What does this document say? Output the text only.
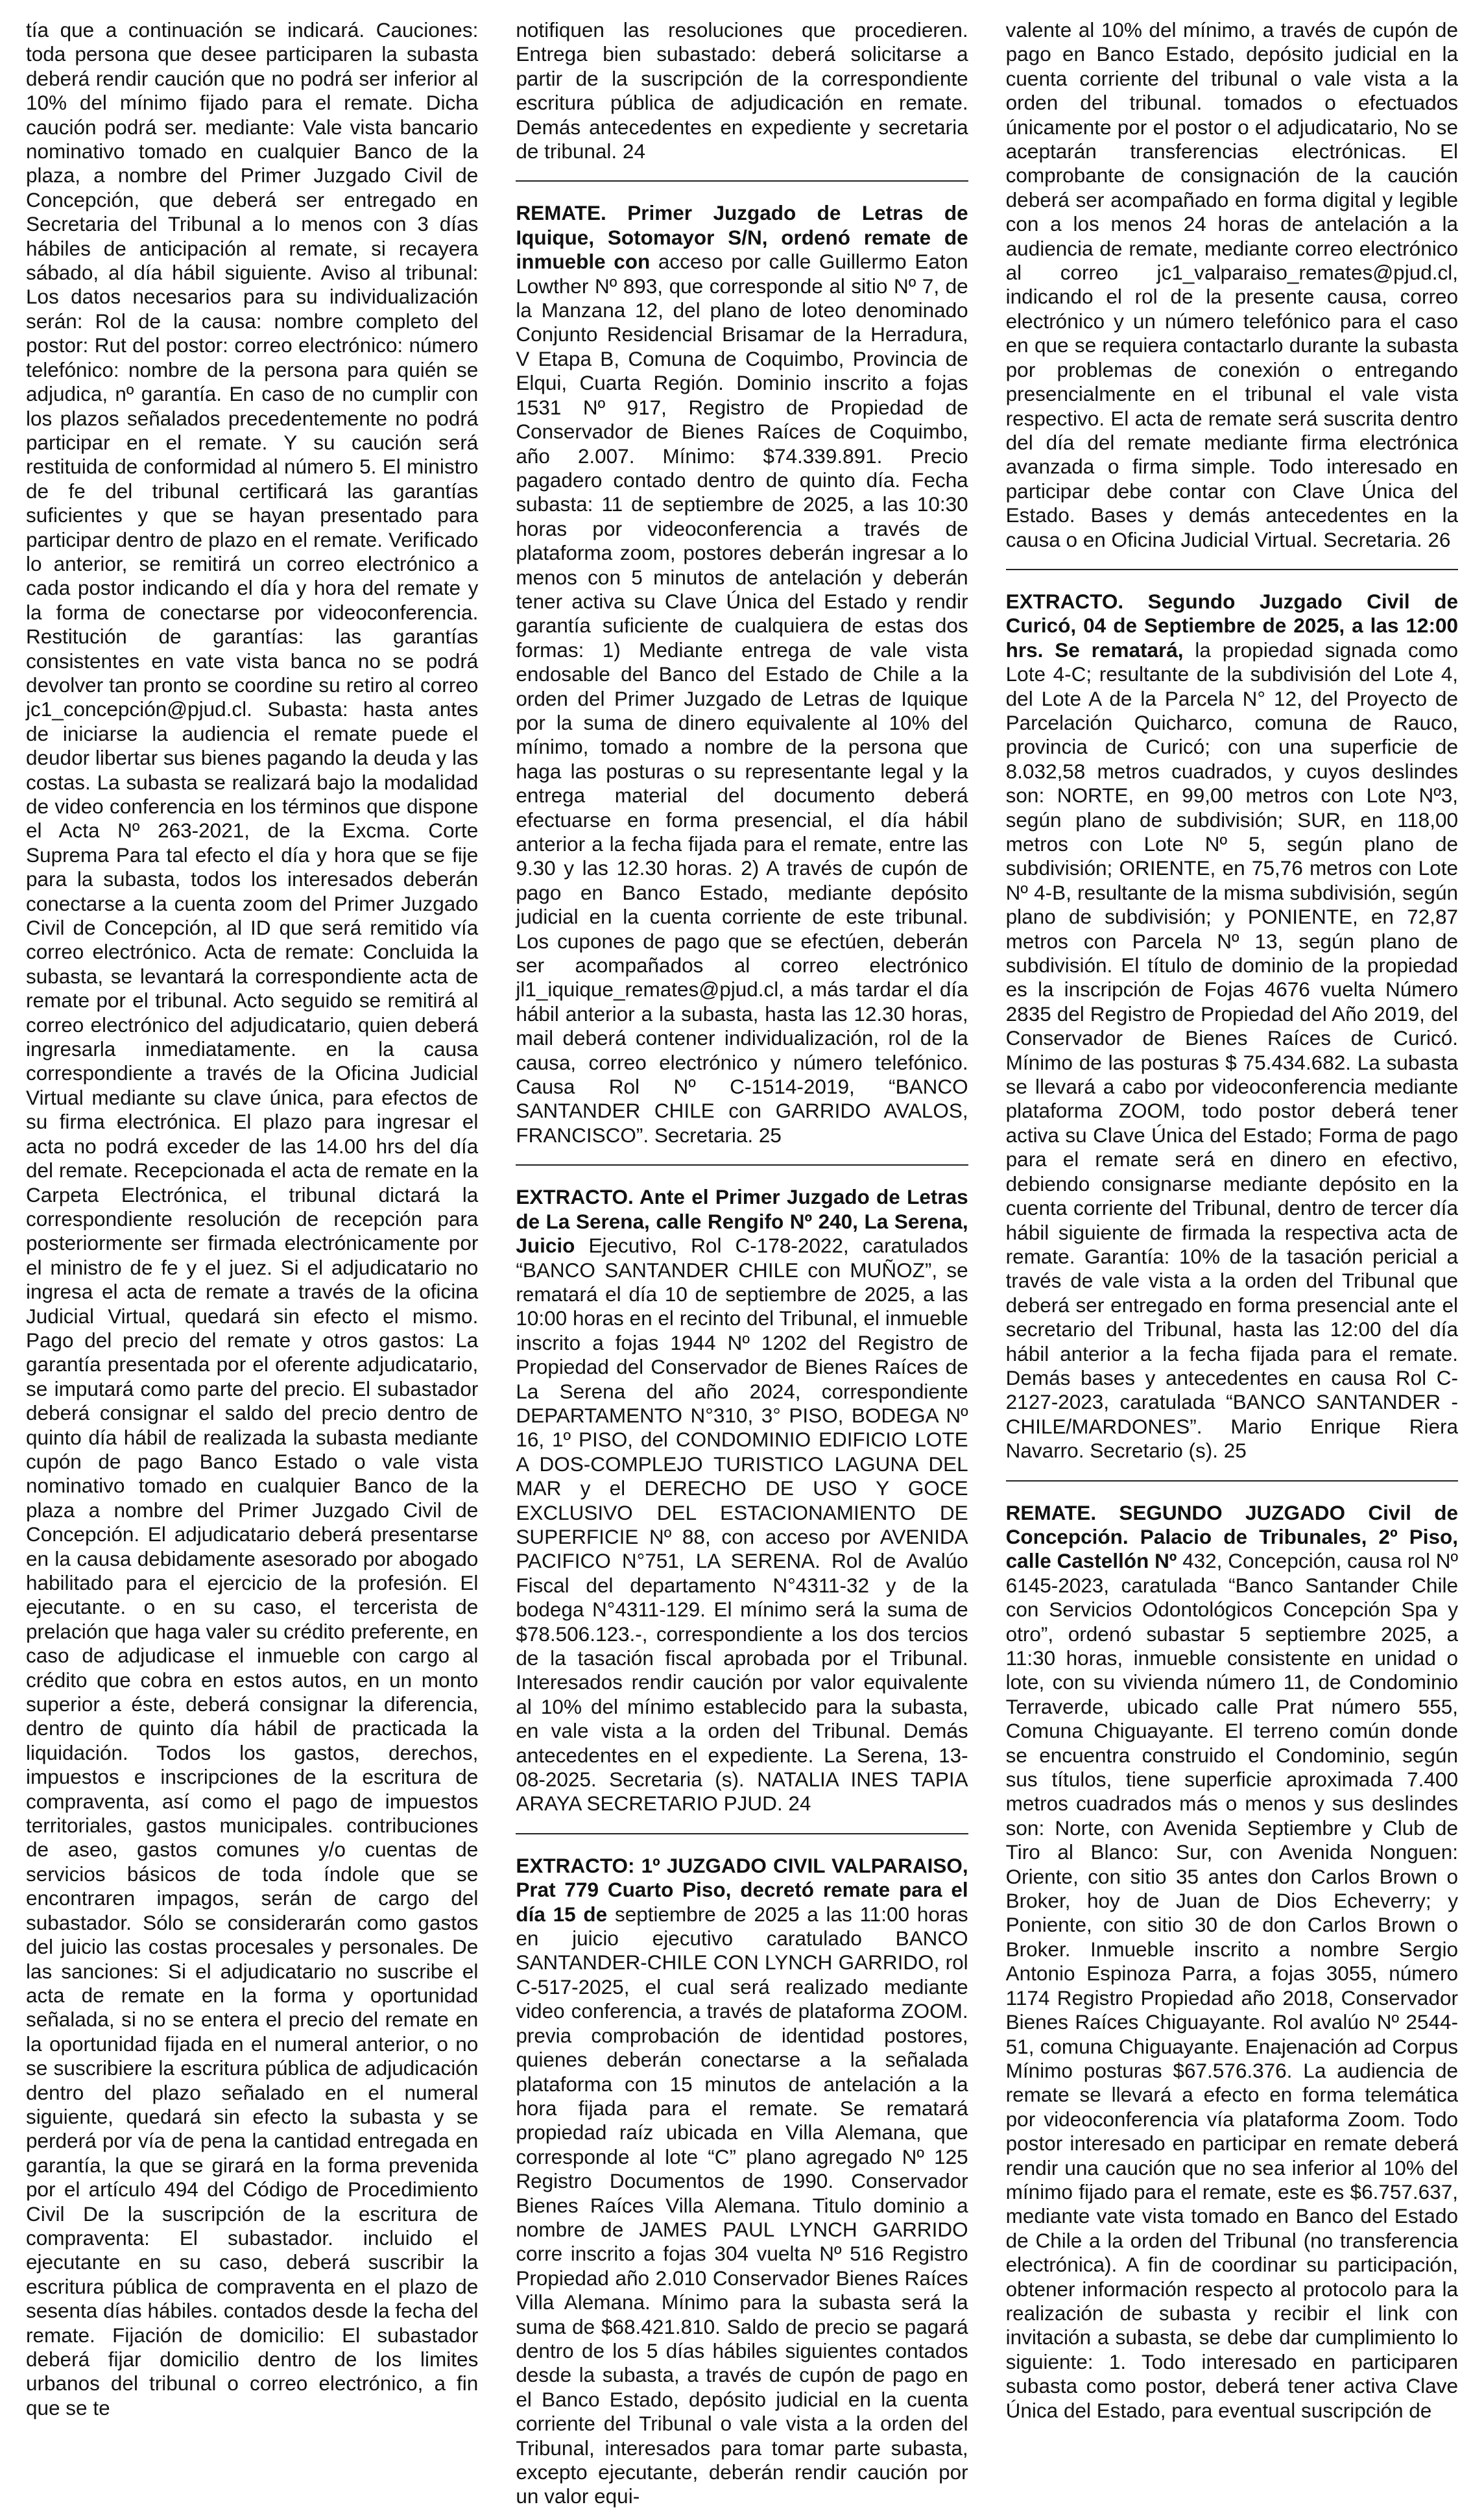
tía que a continuación se indicará. Cauciones: toda persona que desee participaren la subasta deberá rendir caución que no podrá ser inferior al 10% del mínimo fijado para el remate. Dicha caución podrá ser. mediante: Vale vista bancario nominativo tomado en cualquier Banco de la plaza, a nombre del Primer Juzgado Civil de Concepción, que deberá ser entregado en Secretaria del Tribunal a lo menos con 3 días hábiles de anticipación al remate, si recayera sábado, al día hábil siguiente. Aviso al tribunal: Los datos necesarios para su individualización serán: Rol de la causa: nombre completo del postor: Rut del postor: correo electrónico: número telefónico: nombre de la persona para quién se adjudica, nº garantía. En caso de no cumplir con los plazos señalados precedentemente no podrá participar en el remate. Y su caución será restituida de conformidad al número 5. El ministro de fe del tribunal certificará las garantías suficientes y que se hayan presentado para participar dentro de plazo en el remate. Verificado lo anterior, se remitirá un correo electrónico a cada postor indicando el día y hora del remate y la forma de conectarse por videoconferencia. Restitución de garantías: las garantías consistentes en vate vista banca no se podrá devolver tan pronto se coordine su retiro al correo jc1_concepción@pjud.cl. Subasta: hasta antes de iniciarse la audiencia el remate puede el deudor libertar sus bienes pagando la deuda y las costas. La subasta se realizará bajo la modalidad de video conferencia en los términos que dispone el Acta Nº 263-2021, de la Excma. Corte Suprema Para tal efecto el día y hora que se fije para la subasta, todos los interesados deberán conectarse a la cuenta zoom del Primer Juzgado Civil de Concepción, al ID que será remitido vía correo electrónico. Acta de remate: Concluida la subasta, se levantará la correspondiente acta de remate por el tribunal. Acto seguido se remitirá al correo electrónico del adjudicatario, quien deberá ingresarla inmediatamente. en la causa correspondiente a través de la Oficina Judicial Virtual mediante su clave única, para efectos de su firma electrónica. El plazo para ingresar el acta no podrá exceder de las 14.00 hrs del día del remate. Recepcionada el acta de remate en la Carpeta Electrónica, el tribunal dictará la correspondiente resolución de recepción para posteriormente ser firmada electrónicamente por el ministro de fe y el juez. Si el adjudicatario no ingresa el acta de remate a través de la oficina Judicial Virtual, quedará sin efecto el mismo. Pago del precio del remate y otros gastos: La garantía presentada por el oferente adjudicatario, se imputará como parte del precio. El subastador deberá consignar el saldo del precio dentro de quinto día hábil de realizada la subasta mediante cupón de pago Banco Estado o vale vista nominativo tomado en cualquier Banco de la plaza a nombre del Primer Juzgado Civil de Concepción. El adjudicatario deberá presentarse en la causa debidamente asesorado por abogado habilitado para el ejercicio de la profesión. El ejecutante. o en su caso, el tercerista de prelación que haga valer su crédito preferente, en caso de adjudicase el inmueble con cargo al crédito que cobra en estos autos, en un monto superior a éste, deberá consignar la diferencia, dentro de quinto día hábil de practicada la liquidación. Todos los gastos, derechos, impuestos e inscripciones de la escritura de compraventa, así como el pago de impuestos territoriales, gastos municipales. contribuciones de aseo, gastos comunes y/o cuentas de servicios básicos de toda índole que se encontraren impagos, serán de cargo del subastador. Sólo se considerarán como gastos del juicio las costas procesales y personales. De las sanciones: Si el adjudicatario no suscribe el acta de remate en la forma y oportunidad señalada, si no se entera el precio del remate en la oportunidad fijada en el numeral anterior, o no se suscribiere la escritura pública de adjudicación dentro del plazo señalado en el numeral siguiente, quedará sin efecto la subasta y se perderá por vía de pena la cantidad entregada en garantía, la que se girará en la forma prevenida por el artículo 494 del Código de Procedimiento Civil De la suscripción de la escritura de compraventa: El subastador. incluido el ejecutante en su caso, deberá suscribir la escritura pública de compraventa en el plazo de sesenta días hábiles. contados desde la fecha del remate. Fijación de domicilio: El subastador deberá fijar domicilio dentro de los limites urbanos del tribunal o correo electrónico, a fin que se te

notifiquen las resoluciones que procedieren. Entrega bien subastado: deberá solicitarse a partir de la suscripción de la correspondiente escritura pública de adjudicación en remate. Demás antecedentes en expediente y secretaria de tribunal. 24

REMATE. Primer Juzgado de Letras de Iquique, Sotomayor S/N, ordenó remate de inmueble con acceso por calle Guillermo Eaton Lowther Nº 893, que corresponde al sitio Nº 7, de la Manzana 12, del plano de loteo denominado Conjunto Residencial Brisamar de la Herradura, V Etapa B, Comuna de Coquimbo, Provincia de Elqui, Cuarta Región. Dominio inscrito a fojas 1531 Nº 917, Registro de Propiedad de Conservador de Bienes Raíces de Coquimbo, año 2.007. Mínimo: $74.339.891. Precio pagadero contado dentro de quinto día. Fecha subasta: 11 de septiembre de 2025, a las 10:30 horas por videoconferencia a través de plataforma zoom, postores deberán ingresar a lo menos con 5 minutos de antelación y deberán tener activa su Clave Única del Estado y rendir garantía suficiente de cualquiera de estas dos formas: 1) Mediante entrega de vale vista endosable del Banco del Estado de Chile a la orden del Primer Juzgado de Letras de Iquique por la suma de dinero equivalente al 10% del mínimo, tomado a nombre de la persona que haga las posturas o su representante legal y la entrega material del documento deberá efectuarse en forma presencial, el día hábil anterior a la fecha fijada para el remate, entre las 9.30 y las 12.30 horas. 2) A través de cupón de pago en Banco Estado, mediante depósito judicial en la cuenta corriente de este tribunal. Los cupones de pago que se efectúen, deberán ser acompañados al correo electrónico jl1_iquique_remates@pjud.cl, a más tardar el día hábil anterior a la subasta, hasta las 12.30 horas, mail deberá contener individualización, rol de la causa, correo electrónico y número telefónico. Causa Rol Nº C-1514-2019, “BANCO SANTANDER CHILE con GARRIDO AVALOS, FRANCISCO”. Secretaria. 25

EXTRACTO. Ante el Primer Juzgado de Letras de La Serena, calle Rengifo Nº 240, La Serena, Juicio Ejecutivo, Rol C-178-2022, caratulados “BANCO SANTANDER CHILE con MUÑOZ”, se rematará el día 10 de septiembre de 2025, a las 10:00 horas en el recinto del Tribunal, el inmueble inscrito a fojas 1944 Nº 1202 del Registro de Propiedad del Conservador de Bienes Raíces de La Serena del año 2024, correspondiente DEPARTAMENTO N°310, 3° PISO, BODEGA Nº 16, 1º PISO, del CONDOMINIO EDIFICIO LOTE A DOS-COMPLEJO TURISTICO LAGUNA DEL MAR y el DERECHO DE USO Y GOCE EXCLUSIVO DEL ESTACIONAMIENTO DE SUPERFICIE Nº 88, con acceso por AVENIDA PACIFICO N°751, LA SERENA. Rol de Avalúo Fiscal del departamento N°4311-32 y de la bodega N°4311-129. El mínimo será la suma de $78.506.123.-, correspondiente a los dos tercios de la tasación fiscal aprobada por el Tribunal. Interesados rendir caución por valor equivalente al 10% del mínimo establecido para la subasta, en vale vista a la orden del Tribunal. Demás antecedentes en el expediente. La Serena, 13-08-2025. Secretaria (s). NATALIA INES TAPIA ARAYA SECRETARIO PJUD. 24

EXTRACTO: 1º JUZGADO CIVIL VALPARAISO, Prat 779 Cuarto Piso, decretó remate para el día 15 de septiembre de 2025 a las 11:00 horas en juicio ejecutivo caratulado BANCO SANTANDER-CHILE CON LYNCH GARRIDO, rol C-517-2025, el cual será realizado mediante video conferencia, a través de plataforma ZOOM. previa comprobación de identidad postores, quienes deberán conectarse a la señalada plataforma con 15 minutos de antelación a la hora fijada para el remate. Se rematará propiedad raíz ubicada en Villa Alemana, que corresponde al lote “C” plano agregado Nº 125 Registro Documentos de 1990. Conservador Bienes Raíces Villa Alemana. Titulo dominio a nombre de JAMES PAUL LYNCH GARRIDO corre inscrito a fojas 304 vuelta Nº 516 Registro Propiedad año 2.010 Conservador Bienes Raíces Villa Alemana. Mínimo para la subasta será la suma de $68.421.810. Saldo de precio se pagará dentro de los 5 días hábiles siguientes contados desde la subasta, a través de cupón de pago en el Banco Estado, depósito judicial en la cuenta corriente del Tribunal o vale vista a la orden del Tribunal, interesados para tomar parte subasta, excepto ejecutante, deberán rendir caución por un valor equi-

valente al 10% del mínimo, a través de cupón de pago en Banco Estado, depósito judicial en la cuenta corriente del tribunal o vale vista a la orden del tribunal. tomados o efectuados únicamente por el postor o el adjudicatario, No se aceptarán transferencias electrónicas. El comprobante de consignación de la caución deberá ser acompañado en forma digital y legible con a los menos 24 horas de antelación a la audiencia de remate, mediante correo electrónico al correo jc1_valparaiso_remates@pjud.cl, indicando el rol de la presente causa, correo electrónico y un número telefónico para el caso en que se requiera contactarlo durante la subasta por problemas de conexión o entregando presencialmente en el tribunal el vale vista respectivo. El acta de remate será suscrita dentro del día del remate mediante firma electrónica avanzada o firma simple. Todo interesado en participar debe contar con Clave Única del Estado. Bases y demás antecedentes en la causa o en Oficina Judicial Virtual. Secretaria. 26

EXTRACTO. Segundo Juzgado Civil de Curicó, 04 de Septiembre de 2025, a las 12:00 hrs. Se rematará, la propiedad signada como Lote 4-C; resultante de la subdivisión del Lote 4, del Lote A de la Parcela N° 12, del Proyecto de Parcelación Quicharco, comuna de Rauco, provincia de Curicó; con una superficie de 8.032,58 metros cuadrados, y cuyos deslindes son: NORTE, en 99,00 metros con Lote Nº3, según plano de subdivisión; SUR, en 118,00 metros con Lote Nº 5, según plano de subdivisión; ORIENTE, en 75,76 metros con Lote Nº 4-B, resultante de la misma subdivisión, según plano de subdivisión; y PONIENTE, en 72,87 metros con Parcela Nº 13, según plano de subdivisión. El título de dominio de la propiedad es la inscripción de Fojas 4676 vuelta Número 2835 del Registro de Propiedad del Año 2019, del Conservador de Bienes Raíces de Curicó. Mínimo de las posturas $ 75.434.682. La subasta se llevará a cabo por videoconferencia mediante plataforma ZOOM, todo postor deberá tener activa su Clave Única del Estado; Forma de pago para el remate será en dinero en efectivo, debiendo consignarse mediante depósito en la cuenta corriente del Tribunal, dentro de tercer día hábil siguiente de firmada la respectiva acta de remate. Garantía: 10% de la tasación pericial a través de vale vista a la orden del Tribunal que deberá ser entregado en forma presencial ante el secretario del Tribunal, hasta las 12:00 del día hábil anterior a la fecha fijada para el remate. Demás bases y antecedentes en causa Rol C-2127-2023, caratulada “BANCO SANTANDER -CHILE/MARDONES”. Mario Enrique Riera Navarro. Secretario (s). 25

REMATE. SEGUNDO JUZGADO Civil de Concepción. Palacio de Tribunales, 2º Piso, calle Castellón Nº 432, Concepción, causa rol Nº 6145-2023, caratulada “Banco Santander Chile con Servicios Odontológicos Concepción Spa y otro”, ordenó subastar 5 septiembre 2025, a 11:30 horas, inmueble consistente en unidad o lote, con su vivienda número 11, de Condominio Terraverde, ubicado calle Prat número 555, Comuna Chiguayante. El terreno común donde se encuentra construido el Condominio, según sus títulos, tiene superficie aproximada 7.400 metros cuadrados más o menos y sus deslindes son: Norte, con Avenida Septiembre y Club de Tiro al Blanco: Sur, con Avenida Nonguen: Oriente, con sitio 35 antes don Carlos Brown o Broker, hoy de Juan de Dios Echeverry; y Poniente, con sitio 30 de don Carlos Brown o Broker. Inmueble inscrito a nombre Sergio Antonio Espinoza Parra, a fojas 3055, número 1174 Registro Propiedad año 2018, Conservador Bienes Raíces Chiguayante. Rol avalúo Nº 2544-51, comuna Chiguayante. Enajenación ad Corpus Mínimo posturas $67.576.376. La audiencia de remate se llevará a efecto en forma telemática por videoconferencia vía plataforma Zoom. Todo postor interesado en participar en remate deberá rendir una caución que no sea inferior al 10% del mínimo fijado para el remate, este es $6.757.637, mediante vate vista tomado en Banco del Estado de Chile a la orden del Tribunal (no transferencia electrónica). A fin de coordinar su participación, obtener información respecto al protocolo para la realización de subasta y recibir el link con invitación a subasta, se debe dar cumplimiento lo siguiente: 1. Todo interesado en participaren subasta como postor, deberá tener activa Clave Única del Estado, para eventual suscripción de
